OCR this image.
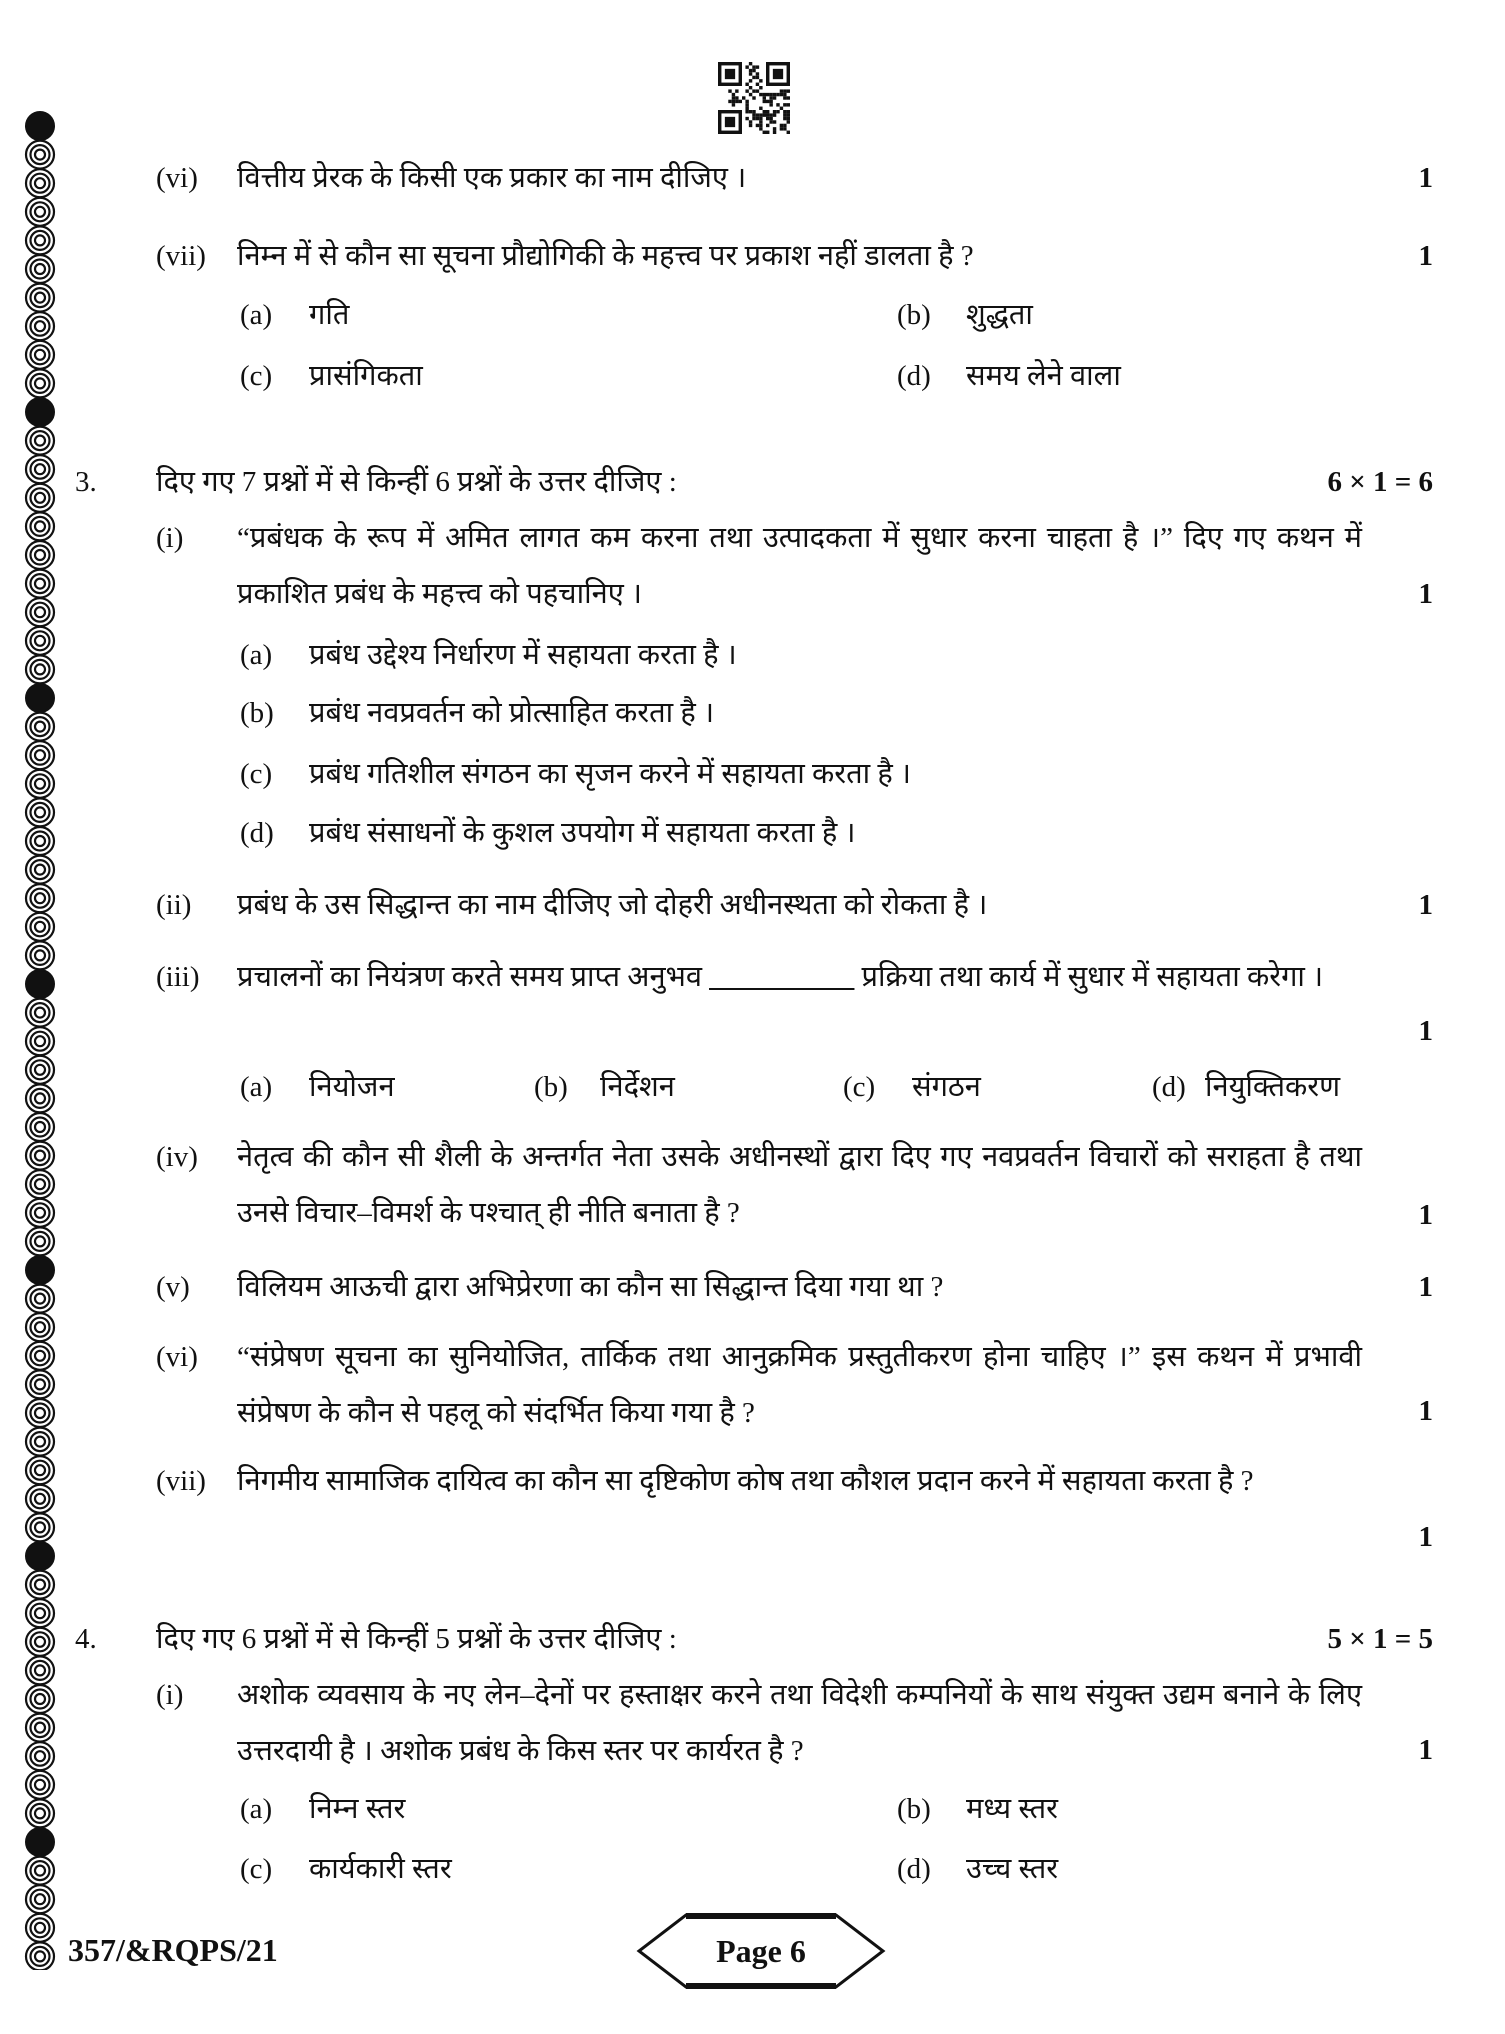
(vi) वित्तीय प्रेरक के किसी एक प्रकार का नाम दीजिए ।	1
(vii) निम्न में से कौन सा सूचना प्रौद्योगिकी के महत्त्व पर प्रकाश नहीं डालता है ?	1
(a) गति	(b) शुद्धता
(c) प्रासंगिकता	(d) समय लेने वाला
3. दिए गए 7 प्रश्नों में से किन्हीं 6 प्रश्नों के उत्तर दीजिए :	6 × 1 = 6
(i) “प्रबंधक के रूप में अमित लागत कम करना तथा उत्पादकता में सुधार करना चाहता है ।” दिए गए कथन में प्रकाशित प्रबंध के महत्त्व को पहचानिए ।	1
(a) प्रबंध उद्देश्य निर्धारण में सहायता करता है ।
(b) प्रबंध नवप्रवर्तन को प्रोत्साहित करता है ।
(c) प्रबंध गतिशील संगठन का सृजन करने में सहायता करता है ।
(d) प्रबंध संसाधनों के कुशल उपयोग में सहायता करता है ।
(ii) प्रबंध के उस सिद्धान्त का नाम दीजिए जो दोहरी अधीनस्थता को रोकता है ।	1
(iii) प्रचालनों का नियंत्रण करते समय प्राप्त अनुभव __________ प्रक्रिया तथा कार्य में सुधार में सहायता करेगा ।
1
(a) नियोजन	(b) निर्देशन	(c) संगठन	(d) नियुक्तिकरण
(iv) नेतृत्व की कौन सी शैली के अन्तर्गत नेता उसके अधीनस्थों द्वारा दिए गए नवप्रवर्तन विचारों को सराहता है तथा उनसे विचार–विमर्श के पश्चात् ही नीति बनाता है ?	1
(v) विलियम आऊची द्वारा अभिप्रेरणा का कौन सा सिद्धान्त दिया गया था ?	1
(vi) “संप्रेषण सूचना का सुनियोजित, तार्किक तथा आनुक्रमिक प्रस्तुतीकरण होना चाहिए ।” इस कथन में प्रभावी संप्रेषण के कौन से पहलू को संदर्भित किया गया है ?	1
(vii) निगमीय सामाजिक दायित्व का कौन सा दृष्टिकोण कोष तथा कौशल प्रदान करने में सहायता करता है ?
1
4. दिए गए 6 प्रश्नों में से किन्हीं 5 प्रश्नों के उत्तर दीजिए :	5 × 1 = 5
(i) अशोक व्यवसाय के नए लेन–देनों पर हस्ताक्षर करने तथा विदेशी कम्पनियों के साथ संयुक्त उद्यम बनाने के लिए उत्तरदायी है । अशोक प्रबंध के किस स्तर पर कार्यरत है ?	1
(a) निम्न स्तर	(b) मध्य स्तर
(c) कार्यकारी स्तर	(d) उच्च स्तर
357/&RQPS/21	Page 6
